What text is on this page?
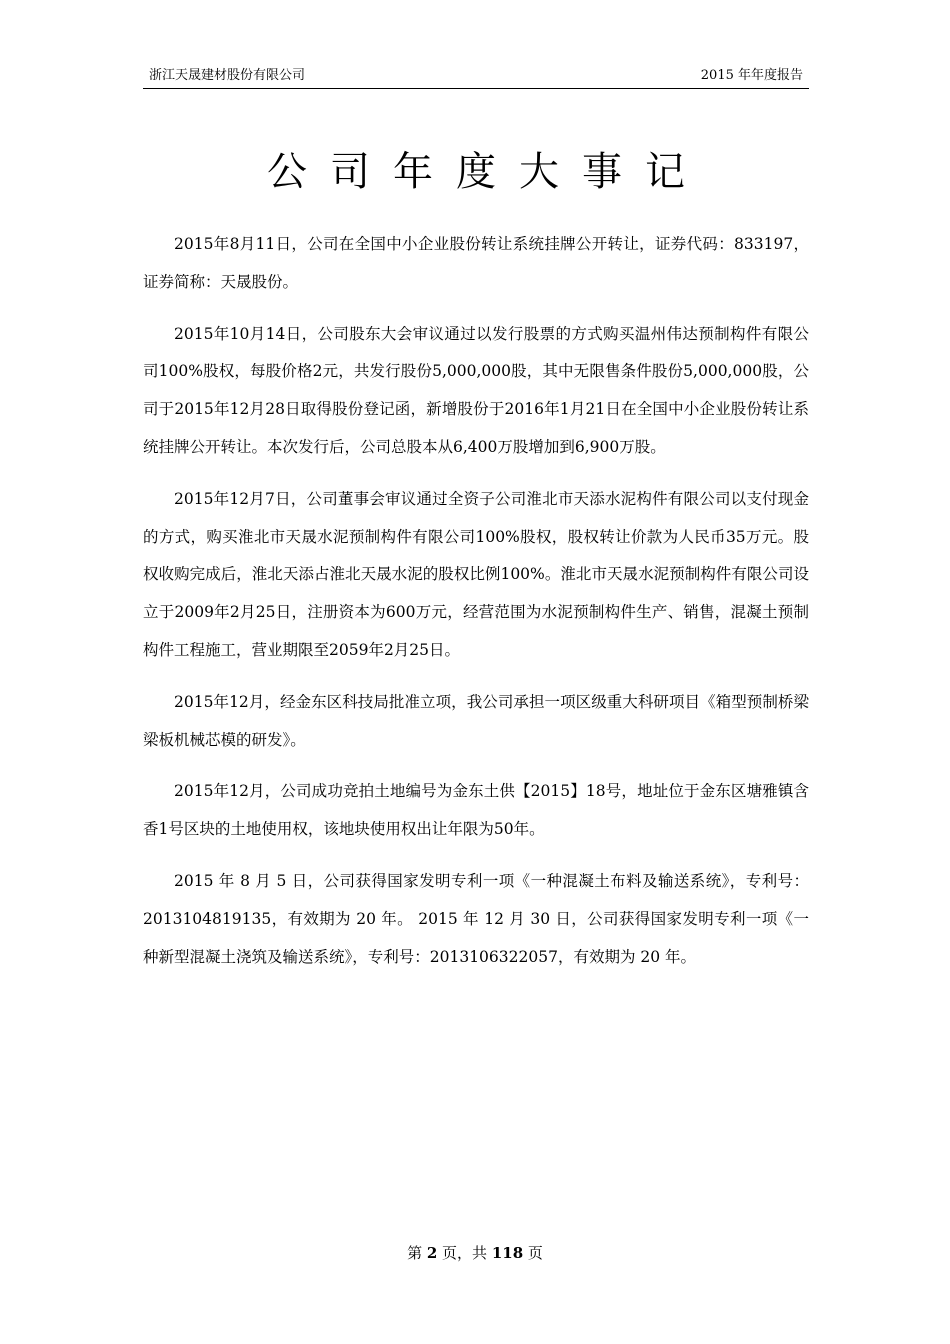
浙江天晟建材股份有限公司	2015 年年度报告
公司年度大事记

2015年8月11日，公司在全国中小企业股份转让系统挂牌公开转让，证券代码：833197，证券简称：天晟股份。

2015年10月14日，公司股东大会审议通过以发行股票的方式购买温州伟达预制构件有限公司100%股权，每股价格2元，共发行股份5,000,000股，其中无限售条件股份5,000,000股，公司于2015年12月28日取得股份登记函，新增股份于2016年1月21日在全国中小企业股份转让系统挂牌公开转让。本次发行后，公司总股本从6,400万股增加到6,900万股。

2015年12月7日，公司董事会审议通过全资子公司淮北市天添水泥构件有限公司以支付现金的方式，购买淮北市天晟水泥预制构件有限公司100%股权，股权转让价款为人民币35万元。股权收购完成后，淮北天添占淮北天晟水泥的股权比例100%。淮北市天晟水泥预制构件有限公司设立于2009年2月25日，注册资本为600万元，经营范围为水泥预制构件生产、销售，混凝土预制构件工程施工，营业期限至2059年2月25日。

2015年12月，经金东区科技局批准立项，我公司承担一项区级重大科研项目《箱型预制桥梁梁板机械芯模的研发》。

2015年12月，公司成功竞拍土地编号为金东土供【2015】18号，地址位于金东区塘雅镇含香1号区块的土地使用权，该地块使用权出让年限为50年。

2015 年 8 月 5 日，公司获得国家发明专利一项《一种混凝土布料及输送系统》，专利号：2013104819135，有效期为 20 年。 2015 年 12 月 30 日，公司获得国家发明专利一项《一种新型混凝土浇筑及输送系统》，专利号：2013106322057，有效期为 20 年。

第 2 页，共 118 页
